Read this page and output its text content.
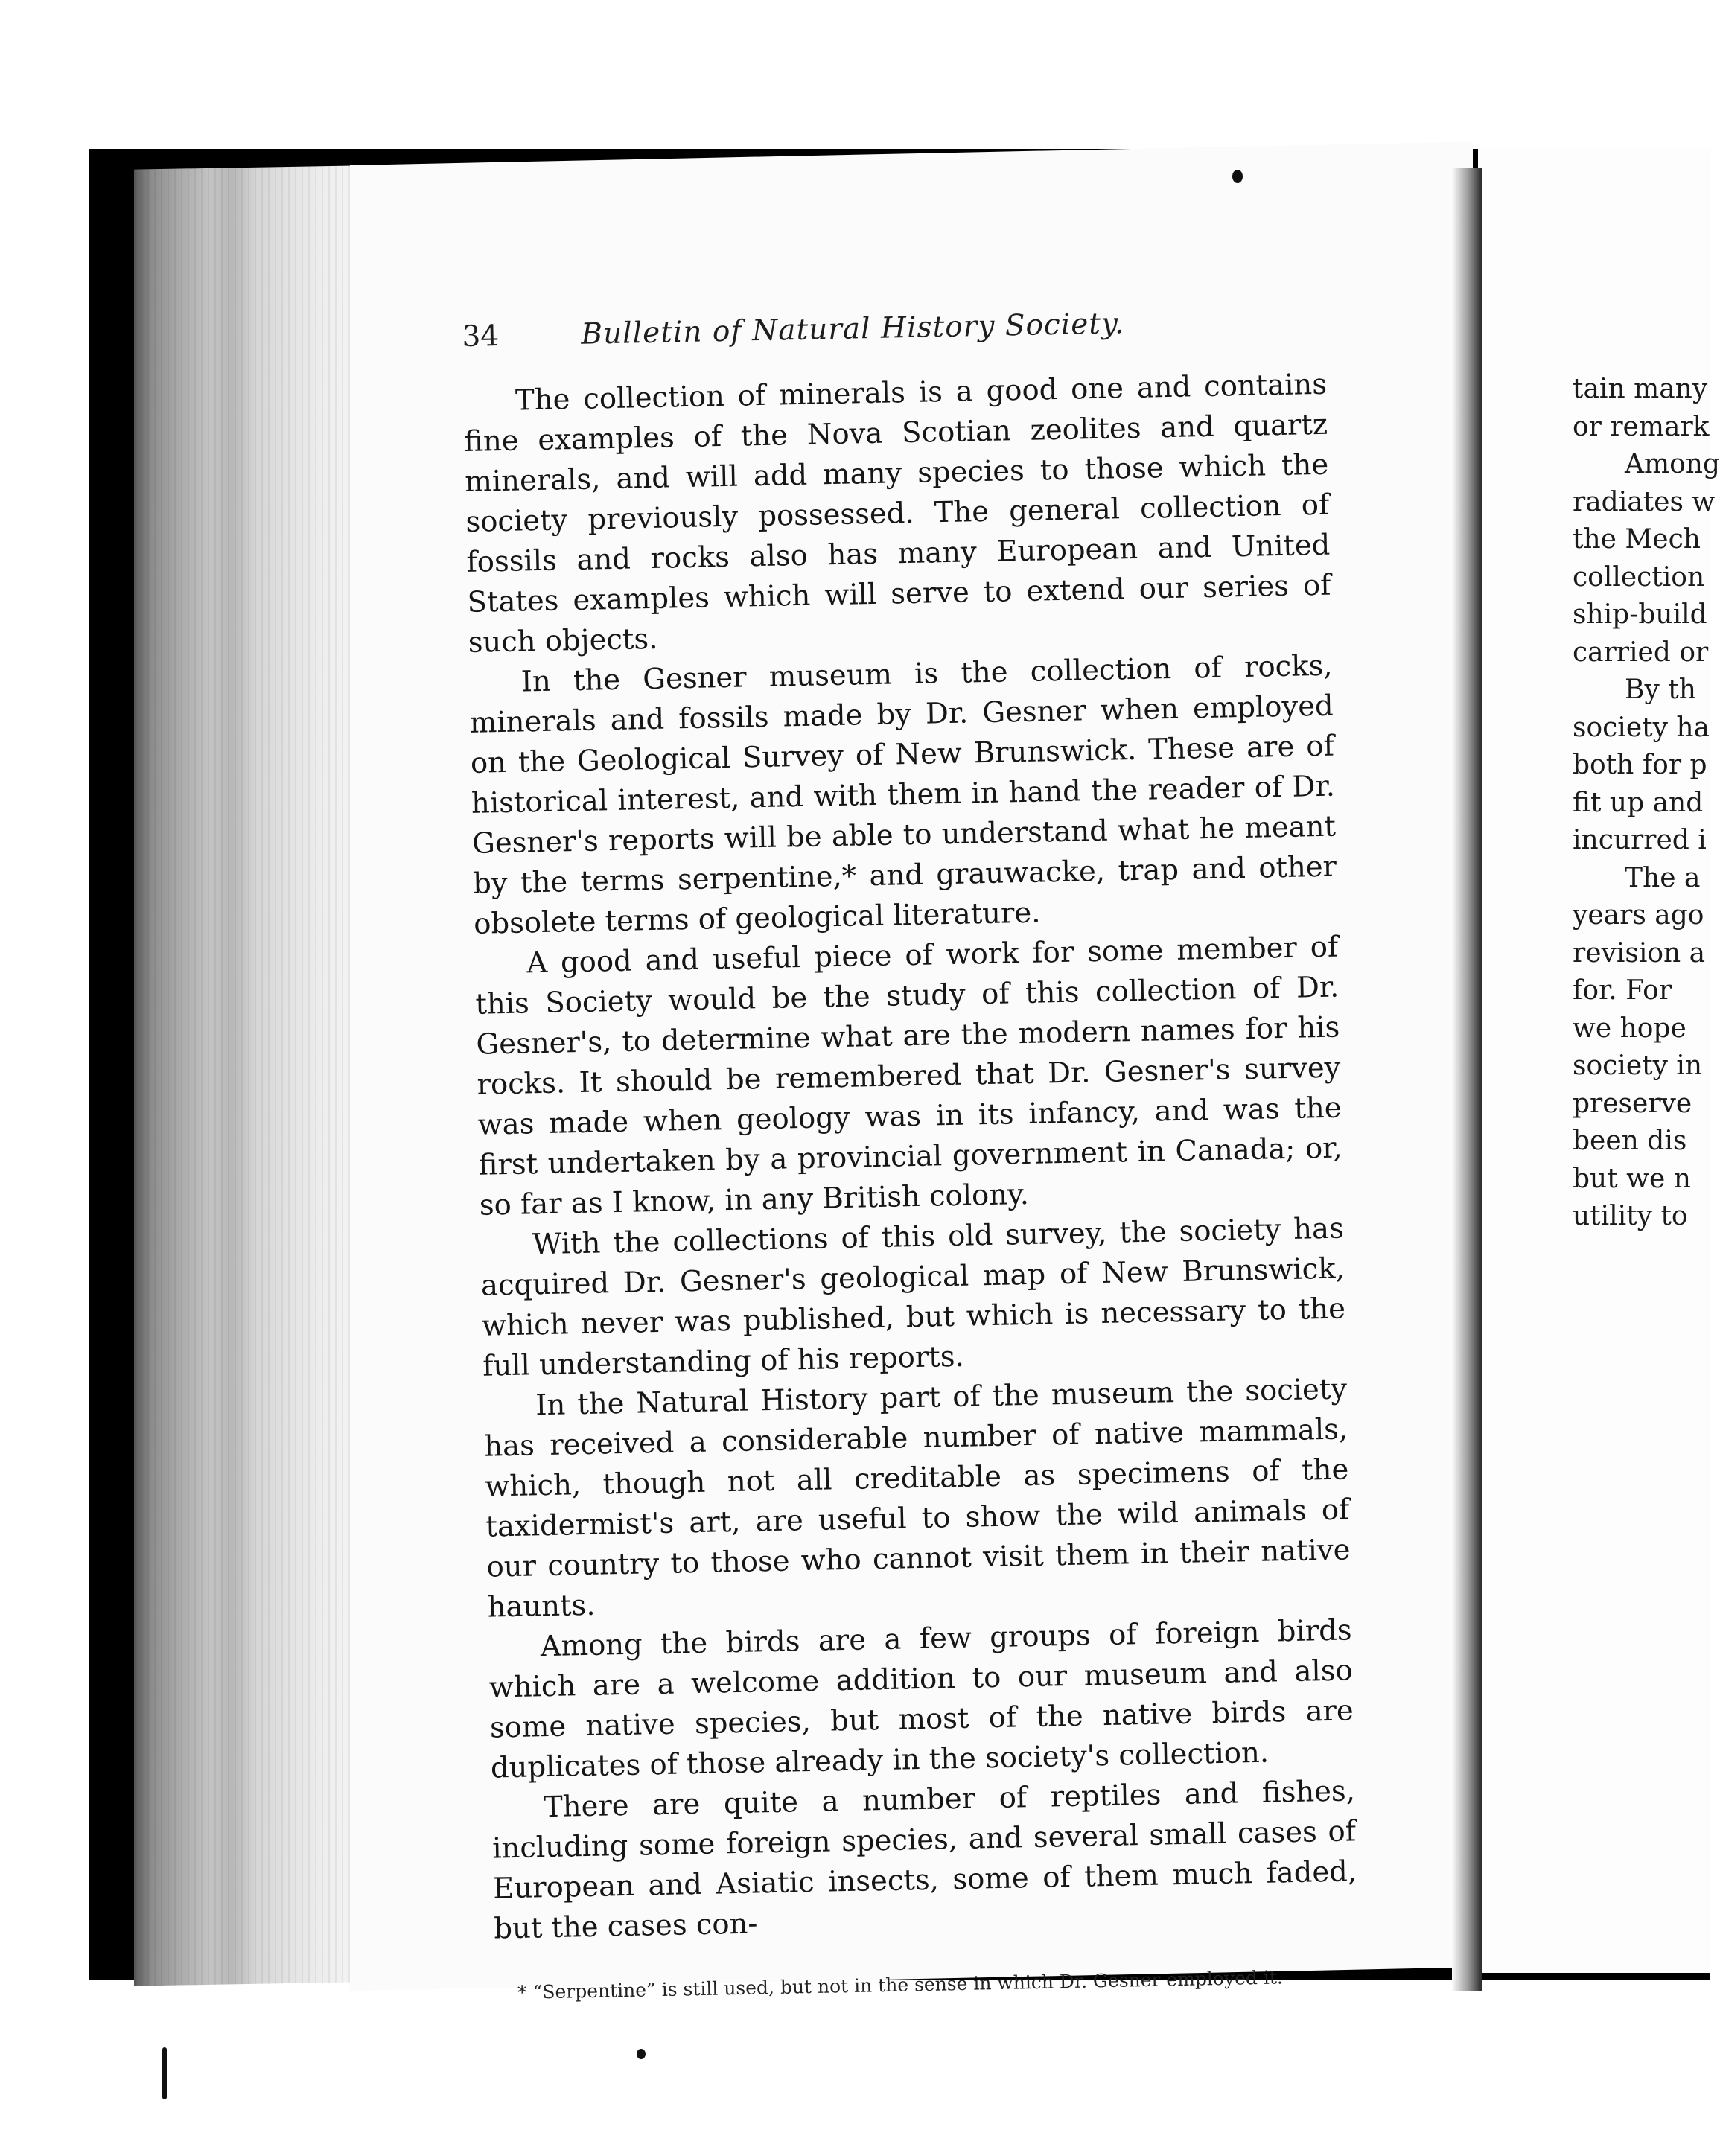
34	Bulletin of Natural History Society.

The collection of minerals is a good one and contains fine examples of the Nova Scotian zeolites and quartz minerals, and will add many species to those which the society previously possessed. The general collection of fossils and rocks also has many European and United States examples which will serve to extend our series of such objects.

In the Gesner museum is the collection of rocks, minerals and fossils made by Dr. Gesner when employed on the Geological Survey of New Brunswick. These are of historical interest, and with them in hand the reader of Dr. Gesner's reports will be able to understand what he meant by the terms serpentine,* and grauwacke, trap and other obsolete terms of geological literature.

A good and useful piece of work for some member of this Society would be the study of this collection of Dr. Gesner's, to determine what are the modern names for his rocks. It should be remembered that Dr. Gesner's survey was made when geology was in its infancy, and was the first undertaken by a provincial government in Canada; or, so far as I know, in any British colony.

With the collections of this old survey, the society has acquired Dr. Gesner's geological map of New Brunswick, which never was published, but which is necessary to the full understanding of his reports.

In the Natural History part of the museum the society has received a considerable number of native mammals, which, though not all creditable as specimens of the taxidermist's art, are useful to show the wild animals of our country to those who cannot visit them in their native haunts.

Among the birds are a few groups of foreign birds which are a welcome addition to our museum and also some native species, but most of the native birds are duplicates of those already in the society's collection.

There are quite a number of reptiles and fishes, including some foreign species, and several small cases of European and Asiatic insects, some of them much faded, but the cases con-

* “Serpentine” is still used, but not in the sense in which Dr. Gesner employed it.
tain many
or remark
Among
radiates w
the Mech
collection
ship-build
carried or
By th
society ha
both for p
fit up and
incurred i
The a
years ago
revision a
for. For
we hope
society in
preserve
been dis
but we n
utility to
